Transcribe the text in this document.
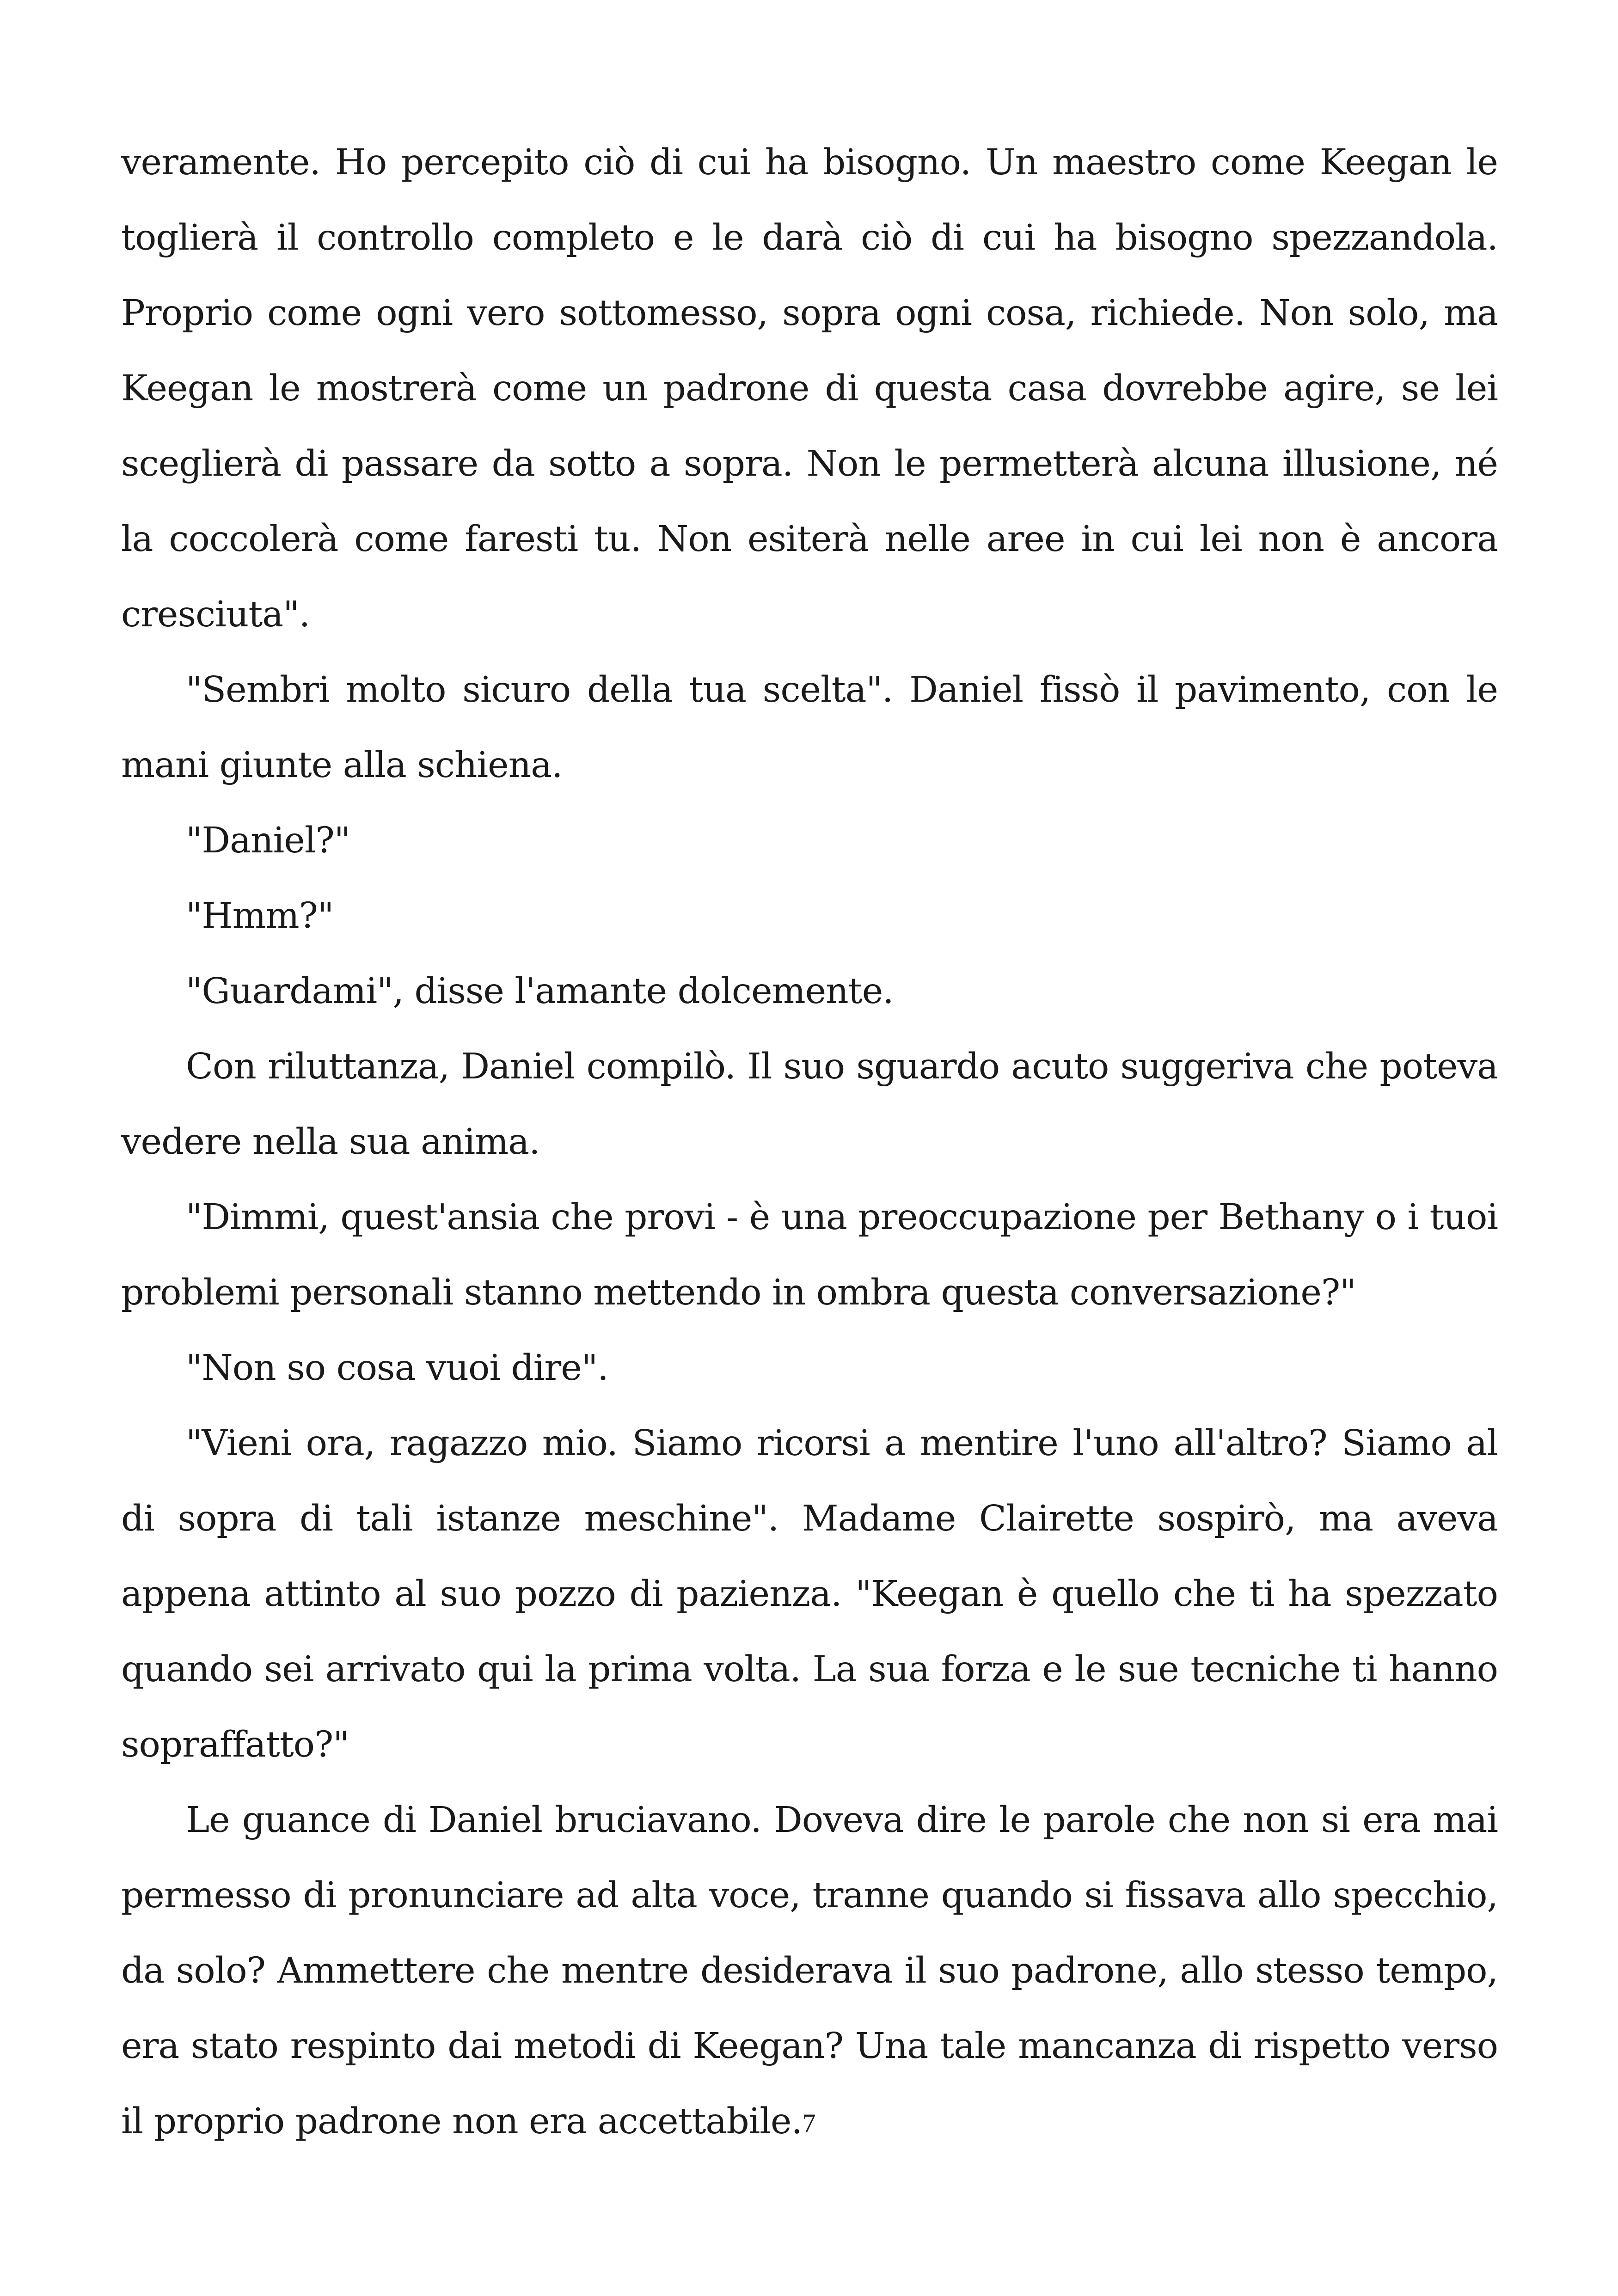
veramente. Ho percepito ciò di cui ha bisogno. Un maestro come Keegan le toglierà il controllo completo e le darà ciò di cui ha bisogno spezzandola. Proprio come ogni vero sottomesso, sopra ogni cosa, richiede. Non solo, ma Keegan le mostrerà come un padrone di questa casa dovrebbe agire, se lei sceglierà di passare da sotto a sopra. Non le permetterà alcuna illusione, né la coccolerà come faresti tu. Non esiterà nelle aree in cui lei non è ancora cresciuta".

"Sembri molto sicuro della tua scelta". Daniel fissò il pavimento, con le mani giunte alla schiena.

"Daniel?"

"Hmm?"

"Guardami", disse l'amante dolcemente.

Con riluttanza, Daniel compilò. Il suo sguardo acuto suggeriva che poteva vedere nella sua anima.

"Dimmi, quest'ansia che provi - è una preoccupazione per Bethany o i tuoi problemi personali stanno mettendo in ombra questa conversazione?"

"Non so cosa vuoi dire".

"Vieni ora, ragazzo mio. Siamo ricorsi a mentire l'uno all'altro? Siamo al di sopra di tali istanze meschine". Madame Clairette sospirò, ma aveva appena attinto al suo pozzo di pazienza. "Keegan è quello che ti ha spezzato quando sei arrivato qui la prima volta. La sua forza e le sue tecniche ti hanno sopraffatto?"

Le guance di Daniel bruciavano. Doveva dire le parole che non si era mai permesso di pronunciare ad alta voce, tranne quando si fissava allo specchio, da solo? Ammettere che mentre desiderava il suo padrone, allo stesso tempo, era stato respinto dai metodi di Keegan? Una tale mancanza di rispetto verso il proprio padrone non era accettabile. 7
